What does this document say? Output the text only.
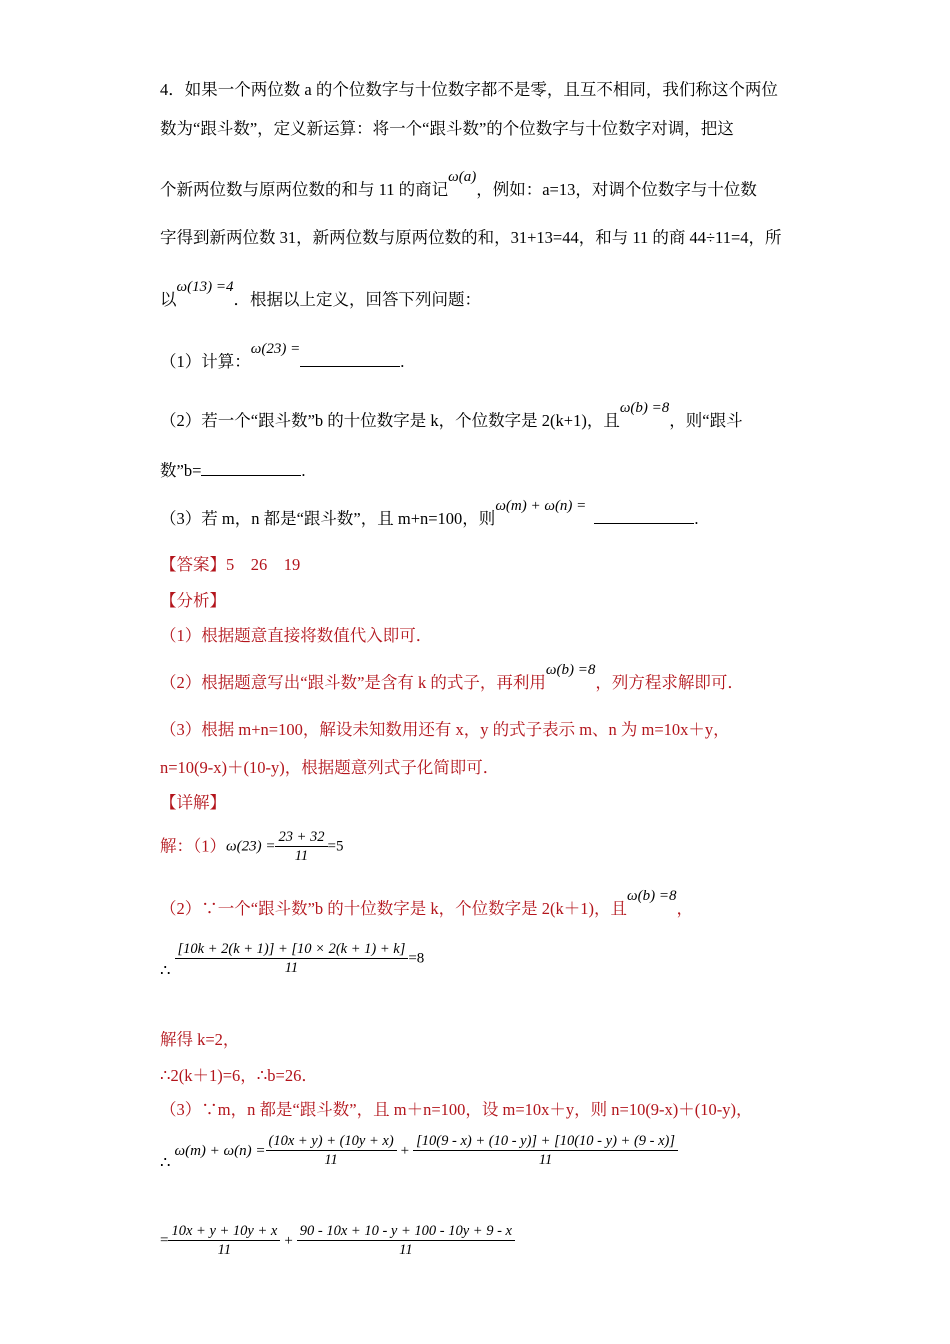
4．如果一个两位数 a 的个位数字与十位数字都不是零，且互不相同，我们称这个两位
数为“跟斗数”，定义新运算：将一个“跟斗数”的个位数字与十位数字对调，把这
个新两位数与原两位数的和与 11 的商记ω(a)，例如：a=13，对调个位数字与十位数
字得到新两位数 31，新两位数与原两位数的和，31+13=44，和与 11 的商 44÷11=4，所
以ω(13) =4．根据以上定义，回答下列问题：
（1）计算：ω(23) =.
（2）若一个“跟斗数”b 的十位数字是 k，个位数字是 2(k+1)，且ω(b) =8，则“跟斗
数”b=	.
（3）若 m，n 都是“跟斗数”，且 m+n=100，则ω(m) + ω(n) =.
【答案】5　26　19
【分析】
（1）根据题意直接将数值代入即可．
（2）根据题意写出“跟斗数”是含有 k 的式子，再利用ω(b) =8，列方程求解即可．
（3）根据 m+n=100，解设未知数用还有 x，y 的式子表示 m、n 为 m=10x＋y，
n=10(9-x)＋(10-y)，根据题意列式子化简即可．
【详解】
解：$(1)\omega(23) = \frac{23 + 32}{11} =5$
（2）∵一个“跟斗数”b 的十位数字是 k，个位数字是 2(k＋1)，且ω(b) =8，
∴ $\frac{[10k + 2(k + 1)] + [10 \times 2(k + 1) + k]}{11} =8$
解得 k=2，
∴2(k＋1)=6，∴b=26．
（3）∵m，n 都是“跟斗数”，且 m＋n=100，设 m=10x＋y，则 n=10(9-x)＋(10-y)，
∴ω(m) + $\omega(n) = \frac{(10x + y) + (10y + x)}{11} + \frac{[10(9 - x) + (10 - y)] + [10(10 - y) + (9 - x)]}{11}$
= $\frac{10x + y + 10y + x}{11} + \frac{90 - 10x + 10 - y + 100 - 10y + 9 - x}{11}$
